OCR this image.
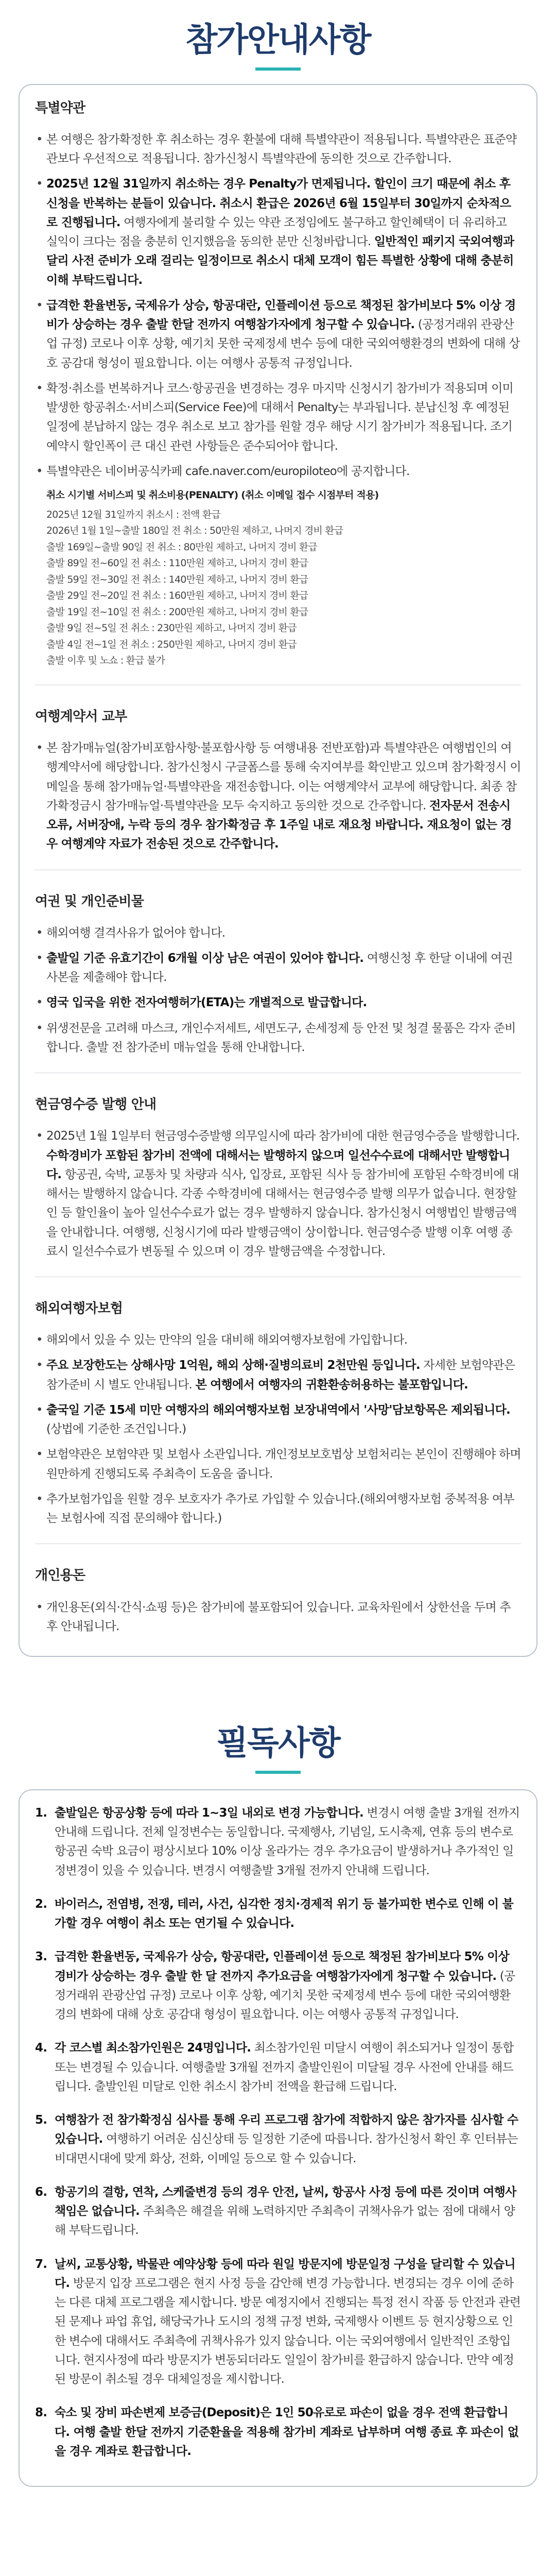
참가안내사항
특별약관
• 본 여행은 참가확정한 후 취소하는 경우 환불에 대해 특별약관이 적용됩니다. 특별약관은 표준약관보다 우선적으로 적용됩니다. 참가신청시 특별약관에 동의한 것으로 간주합니다.
• 2025년 12월 31일까지 취소하는 경우 Penalty가 면제됩니다. 할인이 크기 때문에 취소 후 신청을 반복하는 분들이 있습니다. 취소시 환급은 2026년 6월 15일부터 30일까지 순차적으로 진행됩니다. 여행자에게 불리할 수 있는 약관 조정임에도 불구하고 할인혜택이 더 유리하고 실익이 크다는 점을 충분히 인지했음을 동의한 분만 신청바랍니다. 일반적인 패키지 국외여행과 달리 사전 준비가 오래 걸리는 일정이므로 취소시 대체 모객이 힘든 특별한 상황에 대해 충분히 이해 부탁드립니다.
• 급격한 환율변동, 국제유가 상승, 항공대란, 인플레이션 등으로 책정된 참가비보다 5% 이상 경비가 상승하는 경우 출발 한달 전까지 여행참가자에게 청구할 수 있습니다. (공정거래위 관광산업 규정) 코로나 이후 상황, 예기치 못한 국제정세 변수 등에 대한 국외여행환경의 변화에 대해 상호 공감대 형성이 필요합니다. 이는 여행사 공통적 규정입니다.
• 확정·취소를 번복하거나 코스·항공권을 변경하는 경우 마지막 신청시기 참가비가 적용되며 이미 발생한 항공취소·서비스피(Service Fee)에 대해서 Penalty는 부과됩니다. 분납신청 후 예정된 일정에 분납하지 않는 경우 취소로 보고 참가를 원할 경우 해당 시기 참가비가 적용됩니다. 조기예약시 할인폭이 큰 대신 관련 사항들은 준수되어야 합니다.
• 특별약관은 네이버공식카페 cafe.naver.com/europiloteo에 공지합니다.
취소 시기별 서비스피 및 취소비용(PENALTY) (취소 이메일 접수 시점부터 적용)
2025년 12월 31일까지 취소시 : 전액 환급
2026년 1월 1일~출발 180일 전 취소 : 50만원 제하고, 나머지 경비 환급
출발 169일~출발 90일 전 취소 : 80만원 제하고, 나머지 경비 환급
출발 89일 전~60일 전 취소 : 110만원 제하고, 나머지 경비 환급
출발 59일 전~30일 전 취소 : 140만원 제하고, 나머지 경비 환급
출발 29일 전~20일 전 취소 : 160만원 제하고, 나머지 경비 환급
출발 19일 전~10일 전 취소 : 200만원 제하고, 나머지 경비 환급
출발 9일 전~5일 전 취소 : 230만원 제하고, 나머지 경비 환급
출발 4일 전~1일 전 취소 : 250만원 제하고, 나머지 경비 환급
출발 이후 및 노쇼 : 환급 불가
여행계약서 교부
• 본 참가매뉴얼(참가비포함사항·불포함사항 등 여행내용 전반포함)과 특별약관은 여행법인의 여행계약서에 해당합니다. 참가신청시 구글폼스를 통해 숙지여부를 확인받고 있으며 참가확정시 이메일을 통해 참가매뉴얼·특별약관을 재전송합니다. 이는 여행계약서 교부에 해당합니다. 최종 참가확정금시 참가매뉴얼·특별약관을 모두 숙지하고 동의한 것으로 간주합니다. 전자문서 전송시 오류, 서버장애, 누락 등의 경우 참가확정금 후 1주일 내로 재요청 바랍니다. 재요청이 없는 경우 여행계약 자료가 전송된 것으로 간주합니다.
여권 및 개인준비물
• 해외여행 결격사유가 없어야 합니다.
• 출발일 기준 유효기간이 6개월 이상 남은 여권이 있어야 합니다. 여행신청 후 한달 이내에 여권사본을 제출해야 합니다.
• 영국 입국을 위한 전자여행허가(ETA)는 개별적으로 발급합니다.
• 위생전문을 고려해 마스크, 개인수저세트, 세면도구, 손세정제 등 안전 및 청결 물품은 각자 준비합니다. 출발 전 참가준비 매뉴얼을 통해 안내합니다.
현금영수증 발행 안내
• 2025년 1월 1일부터 현금영수증발행 의무일시에 따라 참가비에 대한 현금영수증을 발행합니다. 수학경비가 포함된 참가비 전액에 대해서는 발행하지 않으며 일선수수료에 대해서만 발행합니다. 항공권, 숙박, 교통차 및 차량과 식사, 입장료, 포함된 식사 등 참가비에 포함된 수학경비에 대해서는 발행하지 않습니다. 각종 수학경비에 대해서는 현금영수증 발행 의무가 없습니다. 현장할인 등 할인율이 높아 일선수수료가 없는 경우 발행하지 않습니다. 참가신청시 여행법인 발행금액을 안내합니다. 여행행, 신청시기에 따라 발행금액이 상이합니다. 현금영수증 발행 이후 여행 종료시 일선수수료가 변동될 수 있으며 이 경우 발행금액을 수정합니다.
해외여행자보험
• 해외에서 있을 수 있는 만약의 일을 대비해 해외여행자보험에 가입합니다.
• 주요 보장한도는 상해사망 1억원, 해외 상해·질병의료비 2천만원 등입니다. 자세한 보험약관은 참가준비 시 별도 안내됩니다. 본 여행에서 여행자의 귀환환송허용하는 불포함입니다.
• 출국일 기준 15세 미만 여행자의 해외여행자보험 보장내역에서 '사망'담보항목은 제외됩니다. (상법에 기준한 조건입니다.)
• 보험약관은 보험약관 및 보험사 소관입니다. 개인정보보호법상 보험처리는 본인이 진행해야 하며 원만하게 진행되도록 주최측이 도움을 줍니다.
• 추가보험가입을 원할 경우 보호자가 추가로 가입할 수 있습니다.(해외여행자보험 중복적용 여부는 보험사에 직접 문의해야 합니다.)
개인용돈
• 개인용돈(외식·간식·쇼핑 등)은 참가비에 불포함되어 있습니다. 교육차원에서 상한선을 두며 추후 안내됩니다.
필독사항
1. 출발일은 항공상황 등에 따라 1~3일 내외로 변경 가능합니다. 변경시 여행 출발 3개월 전까지 안내해 드립니다. 전체 일정변수는 동일합니다. 국제행사, 기념일, 도시축제, 연휴 등의 변수로 항공권 숙박 요금이 평상시보다 10% 이상 올라가는 경우 추가요금이 발생하거나 추가적인 일정변경이 있을 수 있습니다. 변경시 여행출발 3개월 전까지 안내해 드립니다.
2. 바이러스, 전염병, 전쟁, 테러, 사건, 심각한 정치·경제적 위기 등 불가피한 변수로 인해 이 불가할 경우 여행이 취소 또는 연기될 수 있습니다.
3. 급격한 환율변동, 국제유가 상승, 항공대란, 인플레이션 등으로 책정된 참가비보다 5% 이상 경비가 상승하는 경우 출발 한 달 전까지 추가요금을 여행참가자에게 청구할 수 있습니다. (공정거래위 관광산업 규정) 코로나 이후 상황, 예기치 못한 국제정세 변수 등에 대한 국외여행환경의 변화에 대해 상호 공감대 형성이 필요합니다. 이는 여행사 공통적 규정입니다.
4. 각 코스별 최소참가인원은 24명입니다. 최소참가인원 미달시 여행이 취소되거나 일정이 통합 또는 변경될 수 있습니다. 여행출발 3개월 전까지 출발인원이 미달될 경우 사전에 안내를 해드립니다. 출발인원 미달로 인한 취소시 참가비 전액을 환급해 드립니다.
5. 여행참가 전 참가확정심 심사를 통해 우리 프로그램 참가에 적합하지 않은 참가자를 심사할 수 있습니다. 여행하기 어려운 심신상태 등 일정한 기준에 따릅니다. 참가신청서 확인 후 인터뷰는 비대면시대에 맞게 화상, 전화, 이메일 등으로 할 수 있습니다.
6. 항공기의 결항, 연착, 스케줄변경 등의 경우 안전, 날씨, 항공사 사정 등에 따른 것이며 여행사 책임은 없습니다. 주최측은 해결을 위해 노력하지만 주최측이 귀책사유가 없는 점에 대해서 양해 부탁드립니다.
7. 날씨, 교통상황, 박물관 예약상황 등에 따라 원일 방문지에 방문일정 구성을 달리할 수 있습니다. 방문지 입장 프로그램은 현지 사정 등을 감안해 변경 가능합니다. 변경되는 경우 이에 준하는 다른 대체 프로그램을 제시합니다. 방문 예정지에서 진행되는 특정 전시 작품 등 안전과 관련된 문제나 파업 휴업, 해당국가나 도시의 정책 규정 변화, 국제행사 이벤트 등 현지상황으로 인한 변수에 대해서도 주최측에 귀책사유가 있지 않습니다. 이는 국외여행에서 일반적인 조항입니다. 현지사정에 따라 방문지가 변동되더라도 일일이 참가비를 환급하지 않습니다. 만약 예정된 방문이 취소될 경우 대체일정을 제시합니다.
8. 숙소 및 장비 파손변제 보증금(Deposit)은 1인 50유로로 파손이 없을 경우 전액 환급합니다. 여행 출발 한달 전까지 기준환율을 적용해 참가비 계좌로 납부하며 여행 종료 후 파손이 없을 경우 계좌로 환급합니다.
